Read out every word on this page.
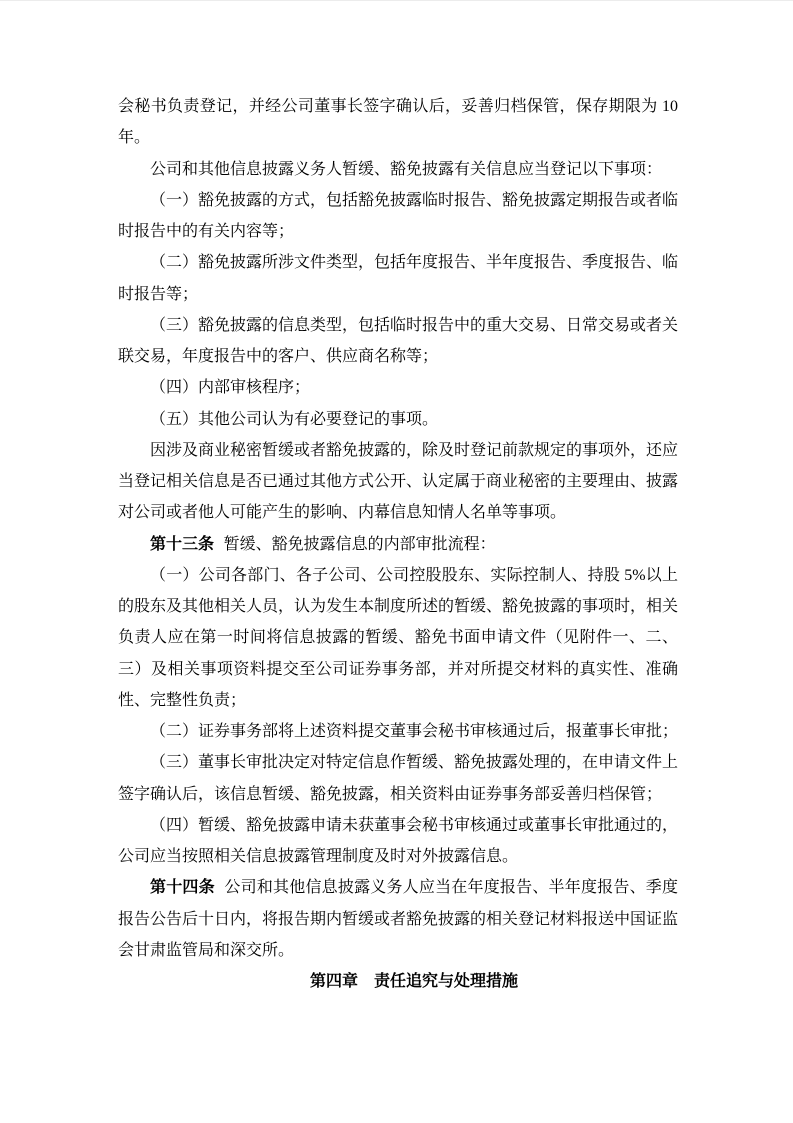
会秘书负责登记，并经公司董事长签字确认后，妥善归档保管，保存期限为 10年。

公司和其他信息披露义务人暂缓、豁免披露有关信息应当登记以下事项：

（一）豁免披露的方式，包括豁免披露临时报告、豁免披露定期报告或者临时报告中的有关内容等；

（二）豁免披露所涉文件类型，包括年度报告、半年度报告、季度报告、临时报告等；

（三）豁免披露的信息类型，包括临时报告中的重大交易、日常交易或者关联交易，年度报告中的客户、供应商名称等；

（四）内部审核程序；

（五）其他公司认为有必要登记的事项。

因涉及商业秘密暂缓或者豁免披露的，除及时登记前款规定的事项外，还应当登记相关信息是否已通过其他方式公开、认定属于商业秘密的主要理由、披露对公司或者他人可能产生的影响、内幕信息知情人名单等事项。

第十三条 暂缓、豁免披露信息的内部审批流程：

（一）公司各部门、各子公司、公司控股股东、实际控制人、持股 5%以上的股东及其他相关人员，认为发生本制度所述的暂缓、豁免披露的事项时，相关负责人应在第一时间将信息披露的暂缓、豁免书面申请文件（见附件一、二、三）及相关事项资料提交至公司证券事务部，并对所提交材料的真实性、准确性、完整性负责；

（二）证券事务部将上述资料提交董事会秘书审核通过后，报董事长审批；

（三）董事长审批决定对特定信息作暂缓、豁免披露处理的，在申请文件上签字确认后，该信息暂缓、豁免披露，相关资料由证券事务部妥善归档保管；

（四）暂缓、豁免披露申请未获董事会秘书审核通过或董事长审批通过的，公司应当按照相关信息披露管理制度及时对外披露信息。

第十四条 公司和其他信息披露义务人应当在年度报告、半年度报告、季度报告公告后十日内，将报告期内暂缓或者豁免披露的相关登记材料报送中国证监会甘肃监管局和深交所。

第四章 责任追究与处理措施
